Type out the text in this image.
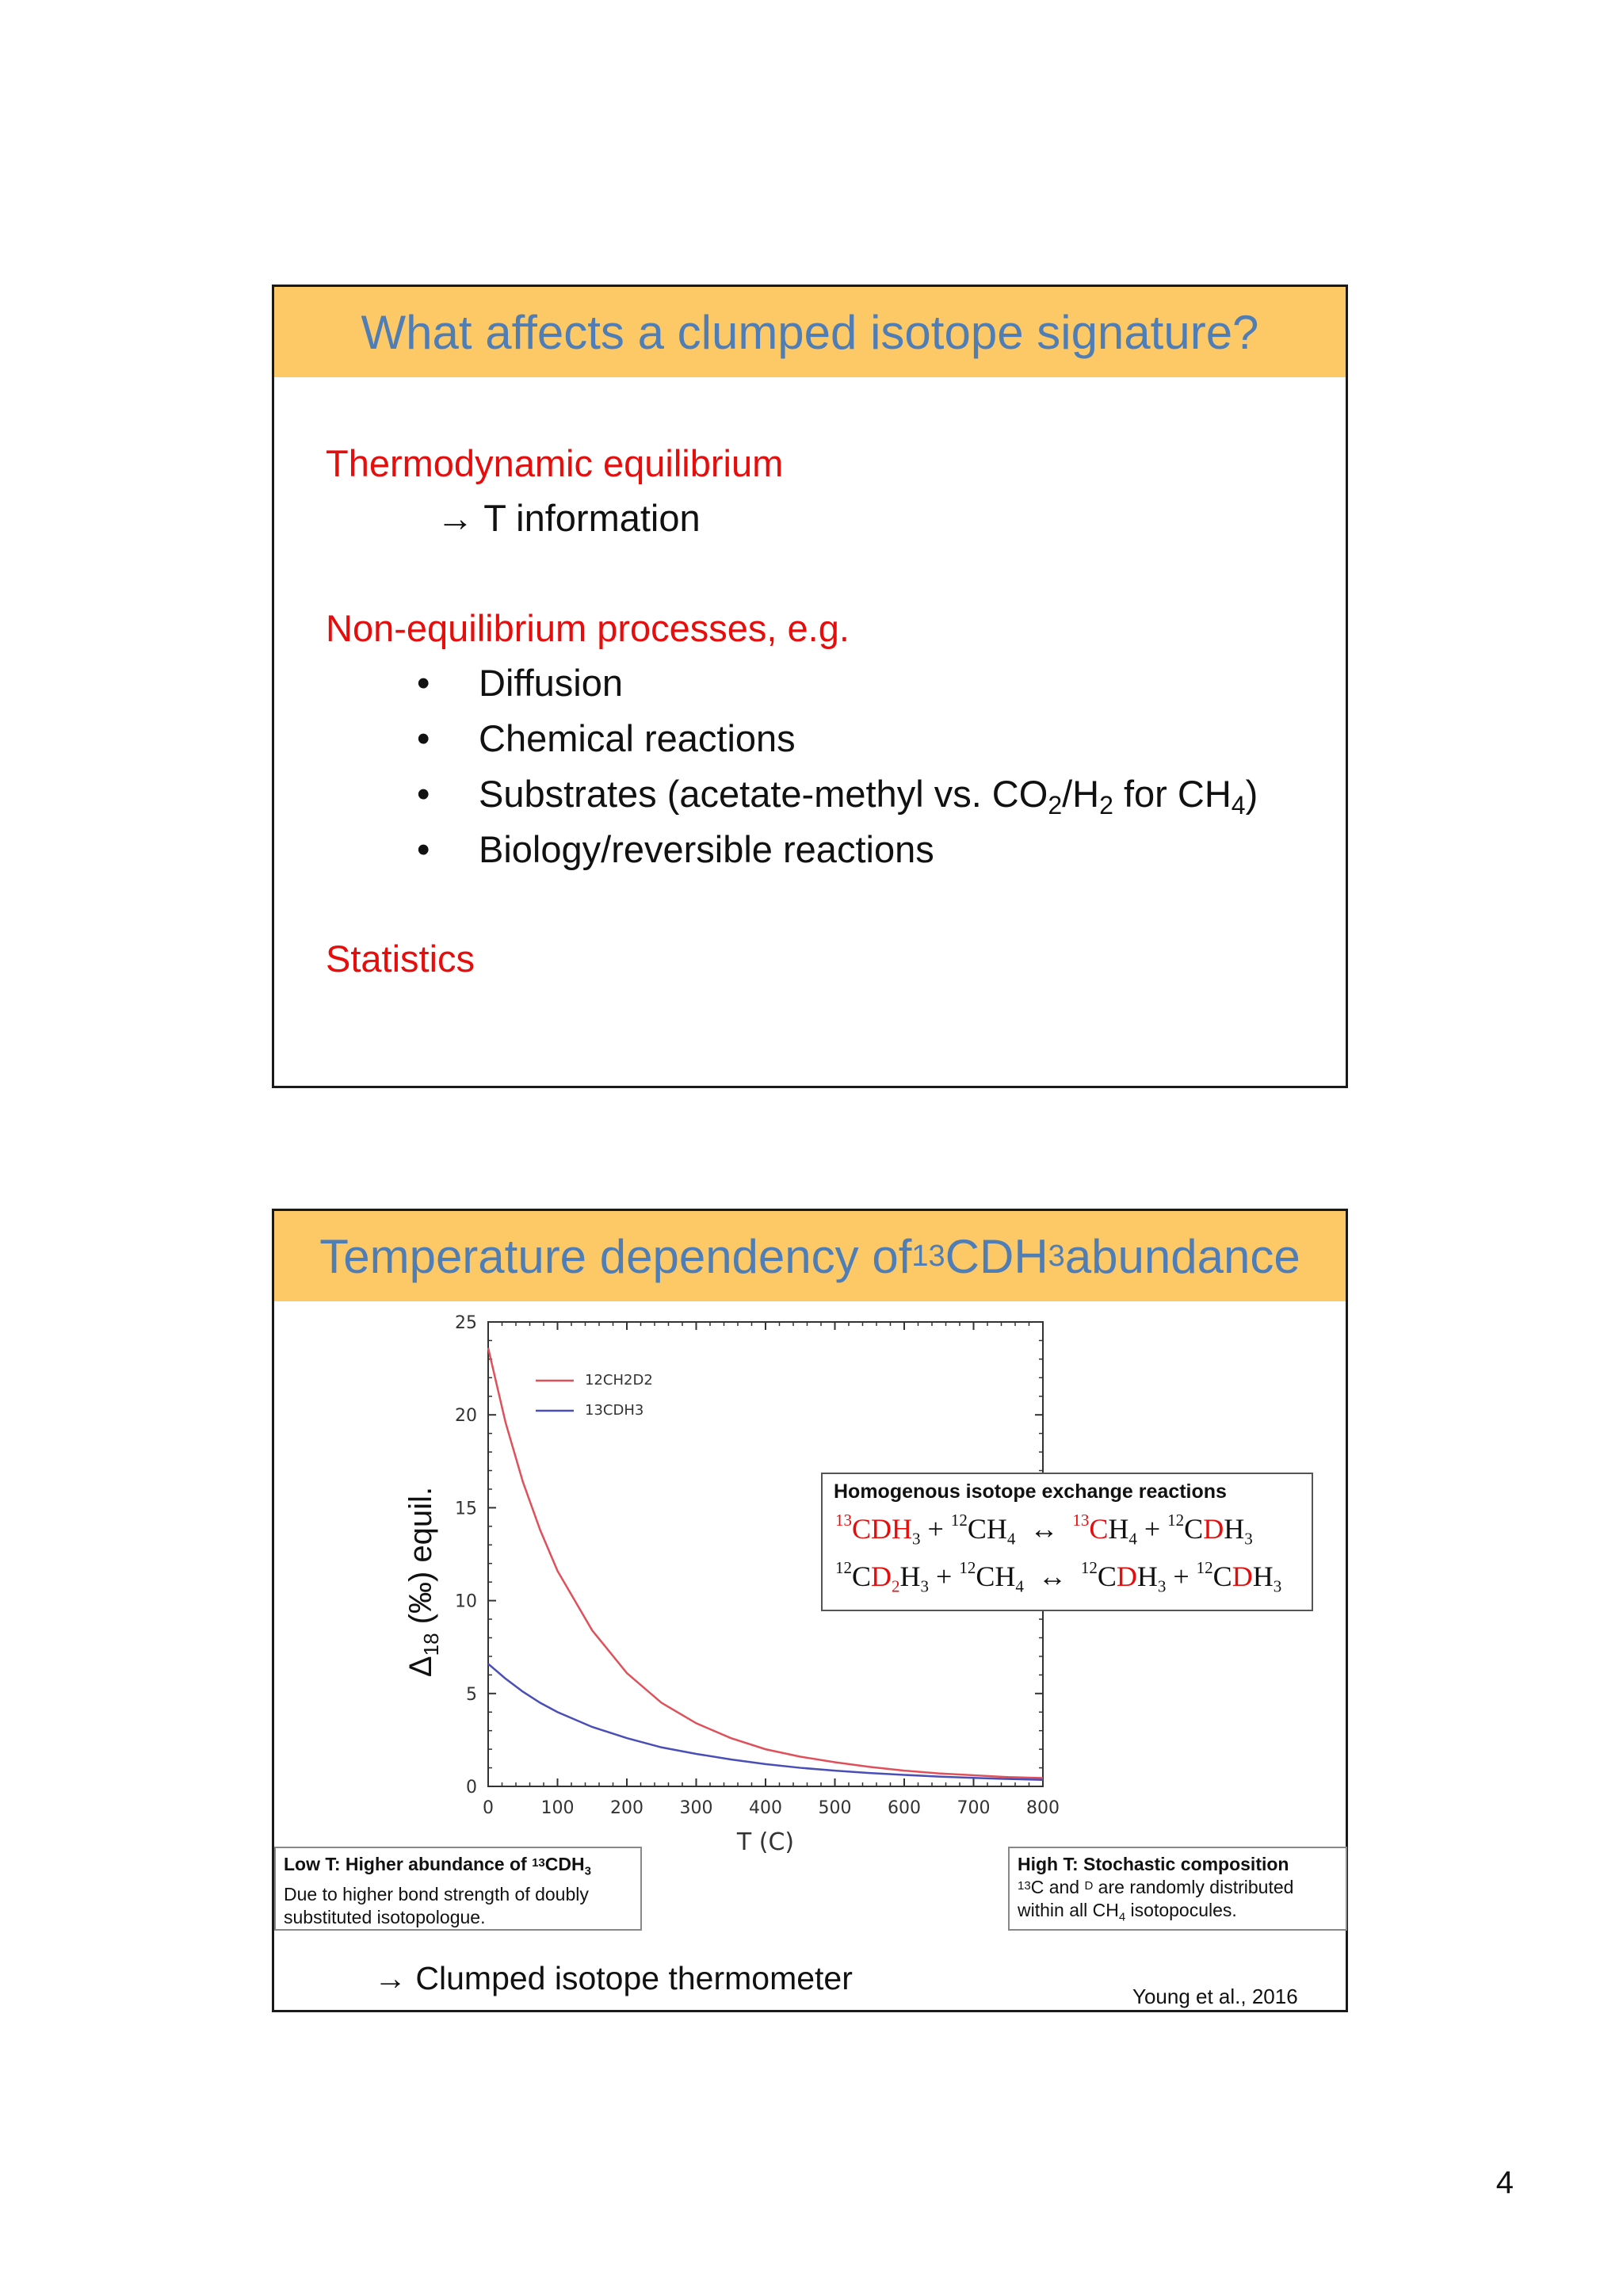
What affects a clumped isotope signature?
Thermodynamic equilibrium
→ T information
Non-equilibrium processes, e.g.
• Diffusion
• Chemical reactions
• Substrates (acetate-methyl vs. $CO_2/H_2$ for $CH_4$)
• Biology/reversible reactions
Statistics
Temperature dependency of 13 CDH 3 abundance
0	100 200 300 400 500 600 700 800
0
5
10
15
20
25
12CH2D2
13CDH3
T (C)
$\Delta_{18}$ (‰) equil.	Homogenous isotope exchange reactions
$^{13}CDH_3 + ^{12}CH_4$ ↔ $^{13}CH_4 + ^{12}CDH_3$
$^{12}CD_2H_3 + ^{12}CH_4$ ↔ $^{12}CDH_3 + ^{12}CDH_3$
Low T: Higher abundance of $^{13}CDH_3$
Due to higher bond strength of doubly
substituted isotopologue.
High T: Stochastic composition
$^{13}$C and $^D$ are randomly distributed
within all $CH_4$ isotopocules.
→ Clumped isotope thermometer	Young et al., 2016
4
